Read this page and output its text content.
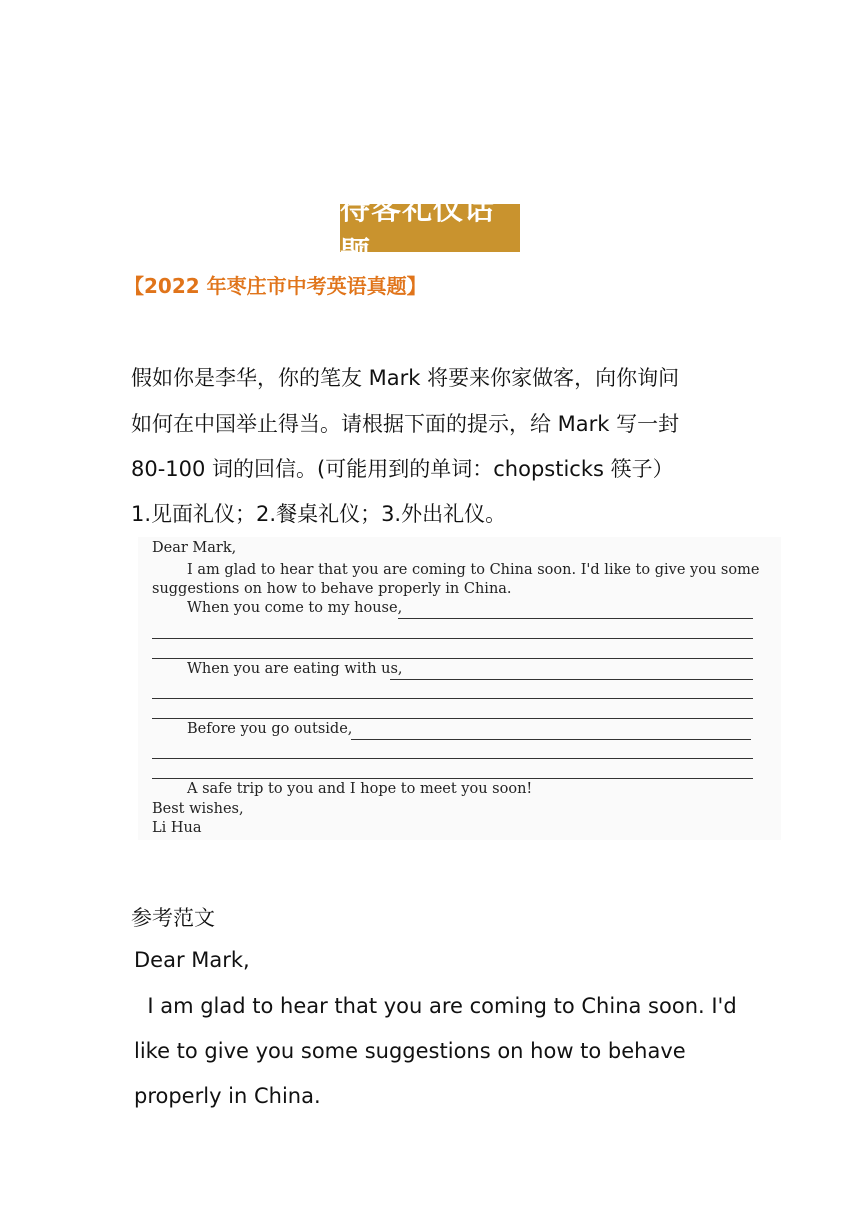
待客礼仪话题
【2022 年枣庄市中考英语真题】
假如你是李华，你的笔友 Mark 将要来你家做客，向你询问
如何在中国举止得当。请根据下面的提示，给 Mark 写一封
80-100 词的回信。(可能用到的单词：chopsticks 筷子）
1.见面礼仪；2.餐桌礼仪；3.外出礼仪。
Dear Mark,
I am glad to hear that you are coming to China soon. I'd like to give you some
suggestions on how to behave properly in China.
When you come to my house,
When you are eating with us,
Before you go outside,
A safe trip to you and I hope to meet you soon!
Best wishes,
Li Hua
参考范文
Dear Mark,
I am glad to hear that you are coming to China soon. I'd
like to give you some suggestions on how to behave
properly in China.
